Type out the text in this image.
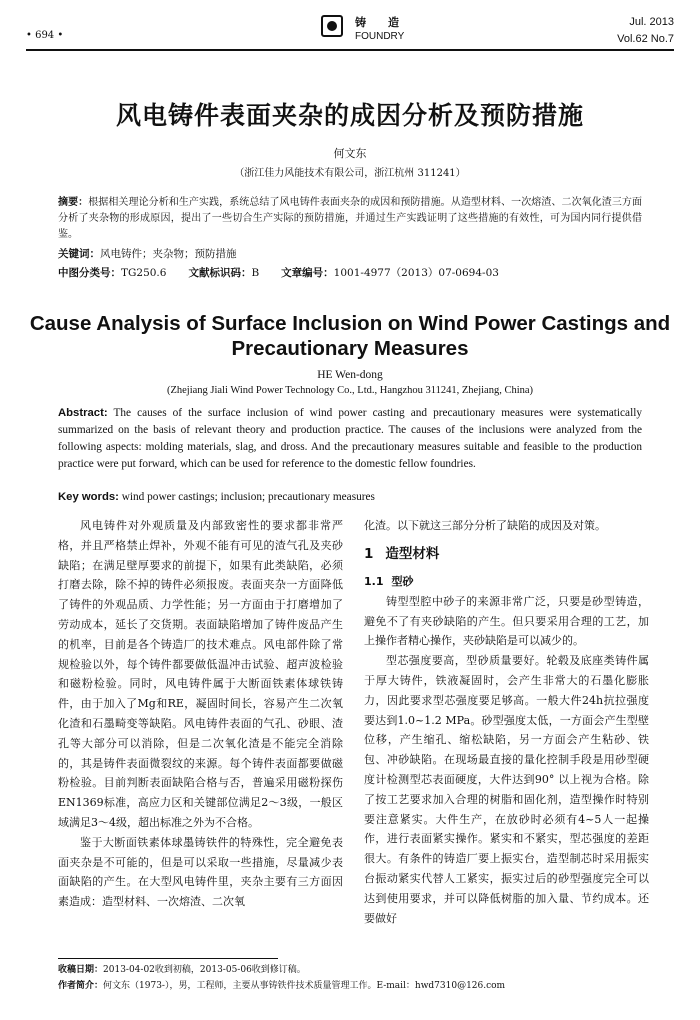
• 694 •
铸造
FOUNDRY
Jul. 2013
Vol.62 No.7
风电铸件表面夹杂的成因分析及预防措施
何文东
（浙江佳力风能技术有限公司，浙江杭州 311241）
摘要：根据相关理论分析和生产实践，系统总结了风电铸件表面夹杂的成因和预防措施。从造型材料、一次熔渣、二次氧化渣三方面分析了夹杂物的形成原因，提出了一些切合生产实际的预防措施，并通过生产实践证明了这些措施的有效性，可为国内同行提供借鉴。
关键词：风电铸件；夹杂物；预防措施
中图分类号：TG250.6 文献标识码：B 文章编号：1001-4977（2013）07-0694-03
Cause Analysis of Surface Inclusion on Wind Power Castings and Precautionary Measures
HE Wen-dong
(Zhejiang Jiali Wind Power Technology Co., Ltd., Hangzhou 311241, Zhejiang, China)
Abstract: The causes of the surface inclusion of wind power casting and precautionary measures were systematically summarized on the basis of relevant theory and production practice. The causes of the inclusions were analyzed from the following aspects: molding materials, slag, and dross. And the precautionary measures suitable and feasible to the production practice were put forward, which can be used for reference to the domestic fellow foundries.
Key words: wind power castings; inclusion; precautionary measures

风电铸件对外观质量及内部致密性的要求都非常严格，并且严格禁止焊补，外观不能有可见的渣气孔及夹砂缺陷；在满足壁厚要求的前提下，如果有此类缺陷，必须打磨去除，除不掉的铸件必须报废。表面夹杂一方面降低了铸件的外观品质、力学性能；另一方面由于打磨增加了劳动成本，延长了交货期。表面缺陷增加了铸件废品产生的机率，目前是各个铸造厂的技术难点。风电部件除了常规检验以外，每个铸件都要做低温冲击试验、超声波检验和磁粉检验。同时，风电铸件属于大断面铁素体球铁铸件，由于加入了Mg和RE，凝固时间长，容易产生二次氧化渣和石墨畸变等缺陷。风电铸件表面的气孔、砂眼、渣孔等大部分可以消除，但是二次氧化渣是不能完全消除的，其是铸件表面微裂纹的来源。每个铸件表面都要做磁粉检验。目前判断表面缺陷合格与否，普遍采用磁粉探伤EN1369标准，高应力区和关键部位满足2～3级，一般区域满足3～4级，超出标准之外为不合格。

鉴于大断面铁素体球墨铸铁件的特殊性，完全避免表面夹杂是不可能的，但是可以采取一些措施，尽量减少表面缺陷的产生。在大型风电铸件里，夹杂主要有三方面因素造成：造型材料、一次熔渣、二次氧

化渣。以下就这三部分分析了缺陷的成因及对策。

1 造型材料
1.1 型砂

铸型型腔中砂子的来源非常广泛，只要是砂型铸造，避免不了有夹砂缺陷的产生。但只要采用合理的工艺，加上操作者精心操作，夹砂缺陷是可以减少的。

型芯强度要高，型砂质量要好。轮毂及底座类铸件属于厚大铸件，铁液凝固时，会产生非常大的石墨化膨胀力，因此要求型芯强度要足够高。一般大件24h抗拉强度要达到1.0~1.2 MPa。砂型强度太低，一方面会产生型壁位移，产生缩孔、缩松缺陷，另一方面会产生粘砂、铁包、冲砂缺陷。在现场最直接的量化控制手段是用砂型硬度计检测型芯表面硬度，大件达到90° 以上视为合格。除了按工艺要求加入合理的树脂和固化剂，造型操作时特别要注意紧实。大件生产，在放砂时必须有4~5人一起操作，进行表面紧实操作。紧实和不紧实，型芯强度的差距很大。有条件的铸造厂要上振实台，造型制芯时采用振实台振动紧实代替人工紧实，振实过后的砂型强度完全可以达到使用要求，并可以降低树脂的加入量、节约成本。还要做好

收稿日期：2013-04-02收到初稿，2013-05-06收到修订稿。
作者简介：何文东（1973-），男，工程师，主要从事铸铁件技术质量管理工作。E-mail：hwd7310@126.com
